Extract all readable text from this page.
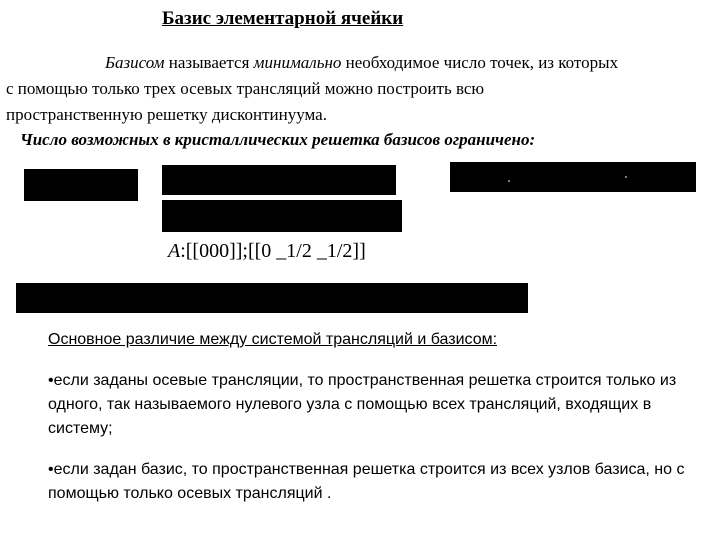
Базис элементарной ячейки
Базисом называется минимально необходимое число точек, из которых
с помощью только трех осевых трансляций можно построить всю
пространственную решетку дисконтинуума.
Число возможных в кристаллических решетка базисов ограничено:
A:[[000]];[[0 _1/2 _1/2]]

Основное различие между системой трансляций и базисом:

•если заданы осевые трансляции, то пространственная решетка строится только из одного, так называемого нулевого узла с помощью всех трансляций, входящих в систему;

•если задан базис, то пространственная решетка строится из всех узлов базиса, но с помощью только осевых трансляций .
